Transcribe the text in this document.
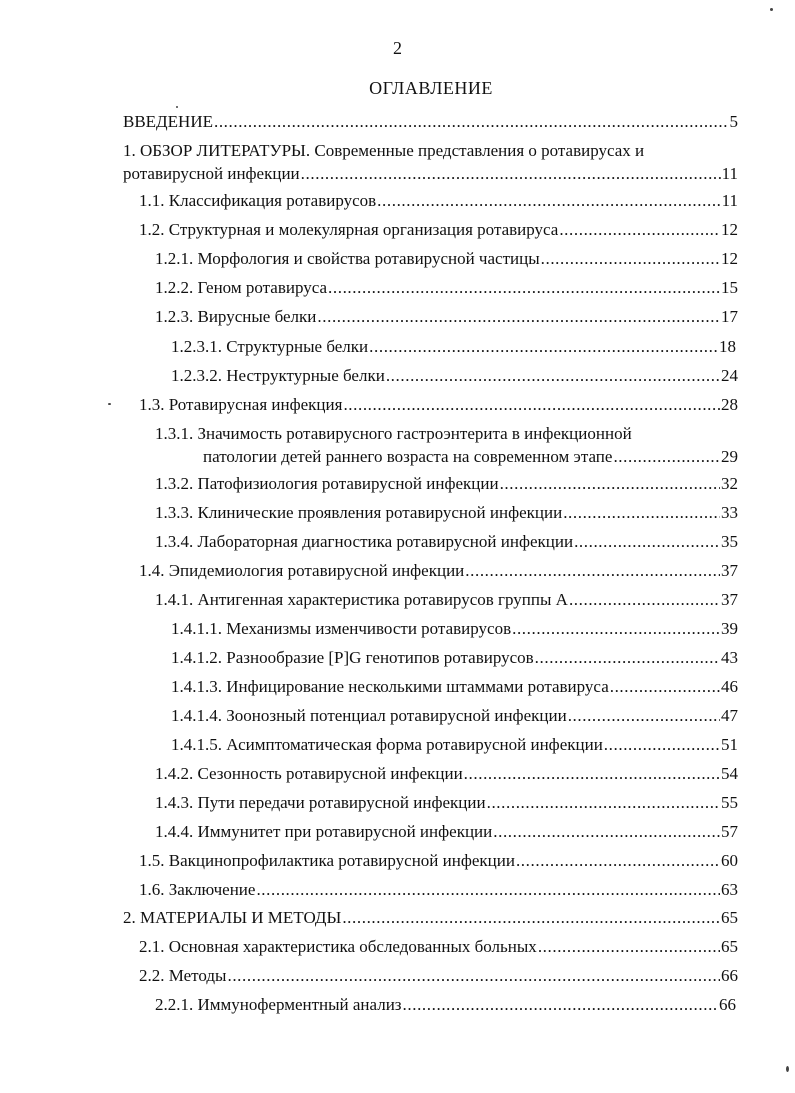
2
ОГЛАВЛЕНИЕ
ВВЕДЕНИЕ .....	5
1. ОБЗОР ЛИТЕРАТУРЫ. Современные представления о ротавирусах и
ротавирусной инфекции .....	11
1.1. Классификация ротавирусов .....	11
1.2. Структурная и молекулярная организация ротавируса .....	12
1.2.1. Морфология и свойства ротавирусной частицы .....	12
1.2.2. Геном ротавируса .....	15
1.2.3. Вирусные белки .....	17
1.2.3.1. Структурные белки .....	18
1.2.3.2. Неструктурные белки .....	24
1.3. Ротавирусная инфекция .....	28
1.3.1. Значимость ротавирусного гастроэнтерита в инфекционной
патологии детей раннего возраста на современном этапе .....	29
1.3.2. Патофизиология ротавирусной инфекции .....	32
1.3.3. Клинические проявления ротавирусной инфекции .....	33
1.3.4. Лабораторная диагностика ротавирусной инфекции .....	35
1.4. Эпидемиология ротавирусной инфекции .....	37
1.4.1. Антигенная характеристика ротавирусов группы А .....	37
1.4.1.1. Механизмы изменчивости ротавирусов .....	39
1.4.1.2. Разнообразие [P]G генотипов ротавирусов .....	43
1.4.1.3. Инфицирование несколькими штаммами ротавируса .....	46
1.4.1.4. Зоонозный потенциал ротавирусной инфекции .....	47
1.4.1.5. Асимптоматическая форма ротавирусной инфекции .....	51
1.4.2. Сезонность ротавирусной инфекции .....	54
1.4.3. Пути передачи ротавирусной инфекции .....	55
1.4.4. Иммунитет при ротавирусной инфекции .....	57
1.5. Вакцинопрофилактика ротавирусной инфекции .....	60
1.6. Заключение .....	63
2. МАТЕРИАЛЫ И МЕТОДЫ .....	65
2.1. Основная характеристика обследованных больных .....	65
2.2. Методы .....	66
2.2.1. Иммуноферментный анализ .....	66
